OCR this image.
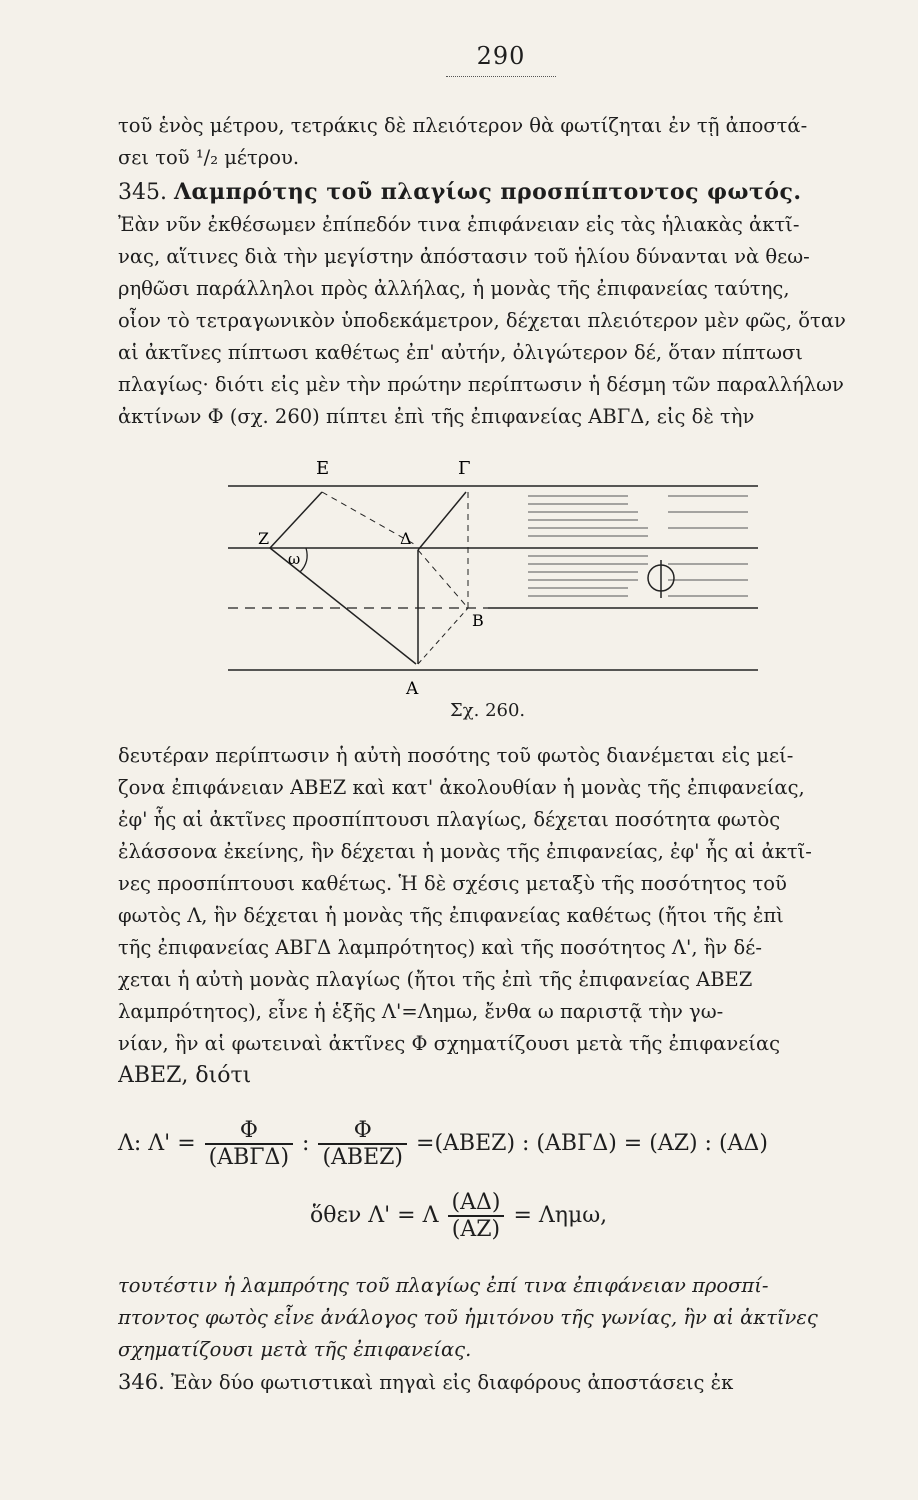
290
τοῦ ἑνὸς μέτρου, τετράκις δὲ πλειότερον θὰ φωτίζηται ἐν τῇ ἀποστά-
σει τοῦ ¹/₂ μέτρου.
345. Λαμπρότης τοῦ πλαγίως προσπίπτοντος φωτός.
Ἐὰν νῦν ἐκθέσωμεν ἐπίπεδόν τινα ἐπιφάνειαν εἰς τὰς ἡλιακὰς ἀκτῖ-
νας, αἵτινες διὰ τὴν μεγίστην ἀπόστασιν τοῦ ἡλίου δύνανται νὰ θεω-
ρηθῶσι παράλληλοι πρὸς ἀλλήλας, ἡ μονὰς τῆς ἐπιφανείας ταύτης,
οἷον τὸ τετραγωνικὸν ὑποδεκάμετρον, δέχεται πλειότερον μὲν φῶς, ὅταν
αἱ ἀκτῖνες πίπτωσι καθέτως ἐπ' αὐτήν, ὀλιγώτερον δέ, ὅταν πίπτωσι
πλαγίως· διότι εἰς μὲν τὴν πρώτην περίπτωσιν ἡ δέσμη τῶν παραλλήλων
ἀκτίνων Φ (σχ. 260) πίπτει ἐπὶ τῆς ἐπιφανείας ΑΒΓΔ, εἰς δὲ τὴν
Ε	Γ
Ζ
ω
Δ
Β
Α
Φ
Σχ. 260.
δευτέραν περίπτωσιν ἡ αὐτὴ ποσότης τοῦ φωτὸς διανέμεται εἰς μεί-
ζονα ἐπιφάνειαν ΑΒΕΖ καὶ κατ' ἀκολουθίαν ἡ μονὰς τῆς ἐπιφανείας,
ἐφ' ἧς αἱ ἀκτῖνες προσπίπτουσι πλαγίως, δέχεται ποσότητα φωτὸς
ἐλάσσονα ἐκείνης, ἣν δέχεται ἡ μονὰς τῆς ἐπιφανείας, ἐφ' ἧς αἱ ἀκτῖ-
νες προσπίπτουσι καθέτως. Ἡ δὲ σχέσις μεταξὺ τῆς ποσότητος τοῦ
φωτὸς Λ, ἣν δέχεται ἡ μονὰς τῆς ἐπιφανείας καθέτως (ἤτοι τῆς ἐπὶ
τῆς ἐπιφανείας ΑΒΓΔ λαμπρότητος) καὶ τῆς ποσότητος Λ', ἣν δέ-
χεται ἡ αὐτὴ μονὰς πλαγίως (ἤτοι τῆς ἐπὶ τῆς ἐπιφανείας ΑΒΕΖ
λαμπρότητος), εἶνε ἡ ἑξῆς Λ'=Λημω, ἔνθα ω παριστᾷ τὴν γω-
νίαν, ἣν αἱ φωτειναὶ ἀκτῖνες Φ σχηματίζουσι μετὰ τῆς ἐπιφανείας
ΑΒΕΖ, διότι
Λ: $\Lambda' = \frac{\Phi}{\text{(ΑΒΓΔ)}}$ : $\frac{\Phi}{\text{(ΑΒΕΖ)}} =(ABEZ)$ : (ΑΒΓΔ) = (ΑΖ) : (ΑΔ)
ὅθεν Λ' = Λ $\frac{(A\Delta)}{(AZ)} = \Lambda\eta\mu\omega$,
τουτέστιν ἡ λαμπρότης τοῦ πλαγίως ἐπί τινα ἐπιφάνειαν προσπί-
πτοντος φωτὸς εἶνε ἀνάλογος τοῦ ἡμιτόνου τῆς γωνίας, ἣν αἱ ἀκτῖνες
σχηματίζουσι μετὰ τῆς ἐπιφανείας.
346. Ἐὰν δύο φωτιστικαὶ πηγαὶ εἰς διαφόρους ἀποστάσεις ἐκ
